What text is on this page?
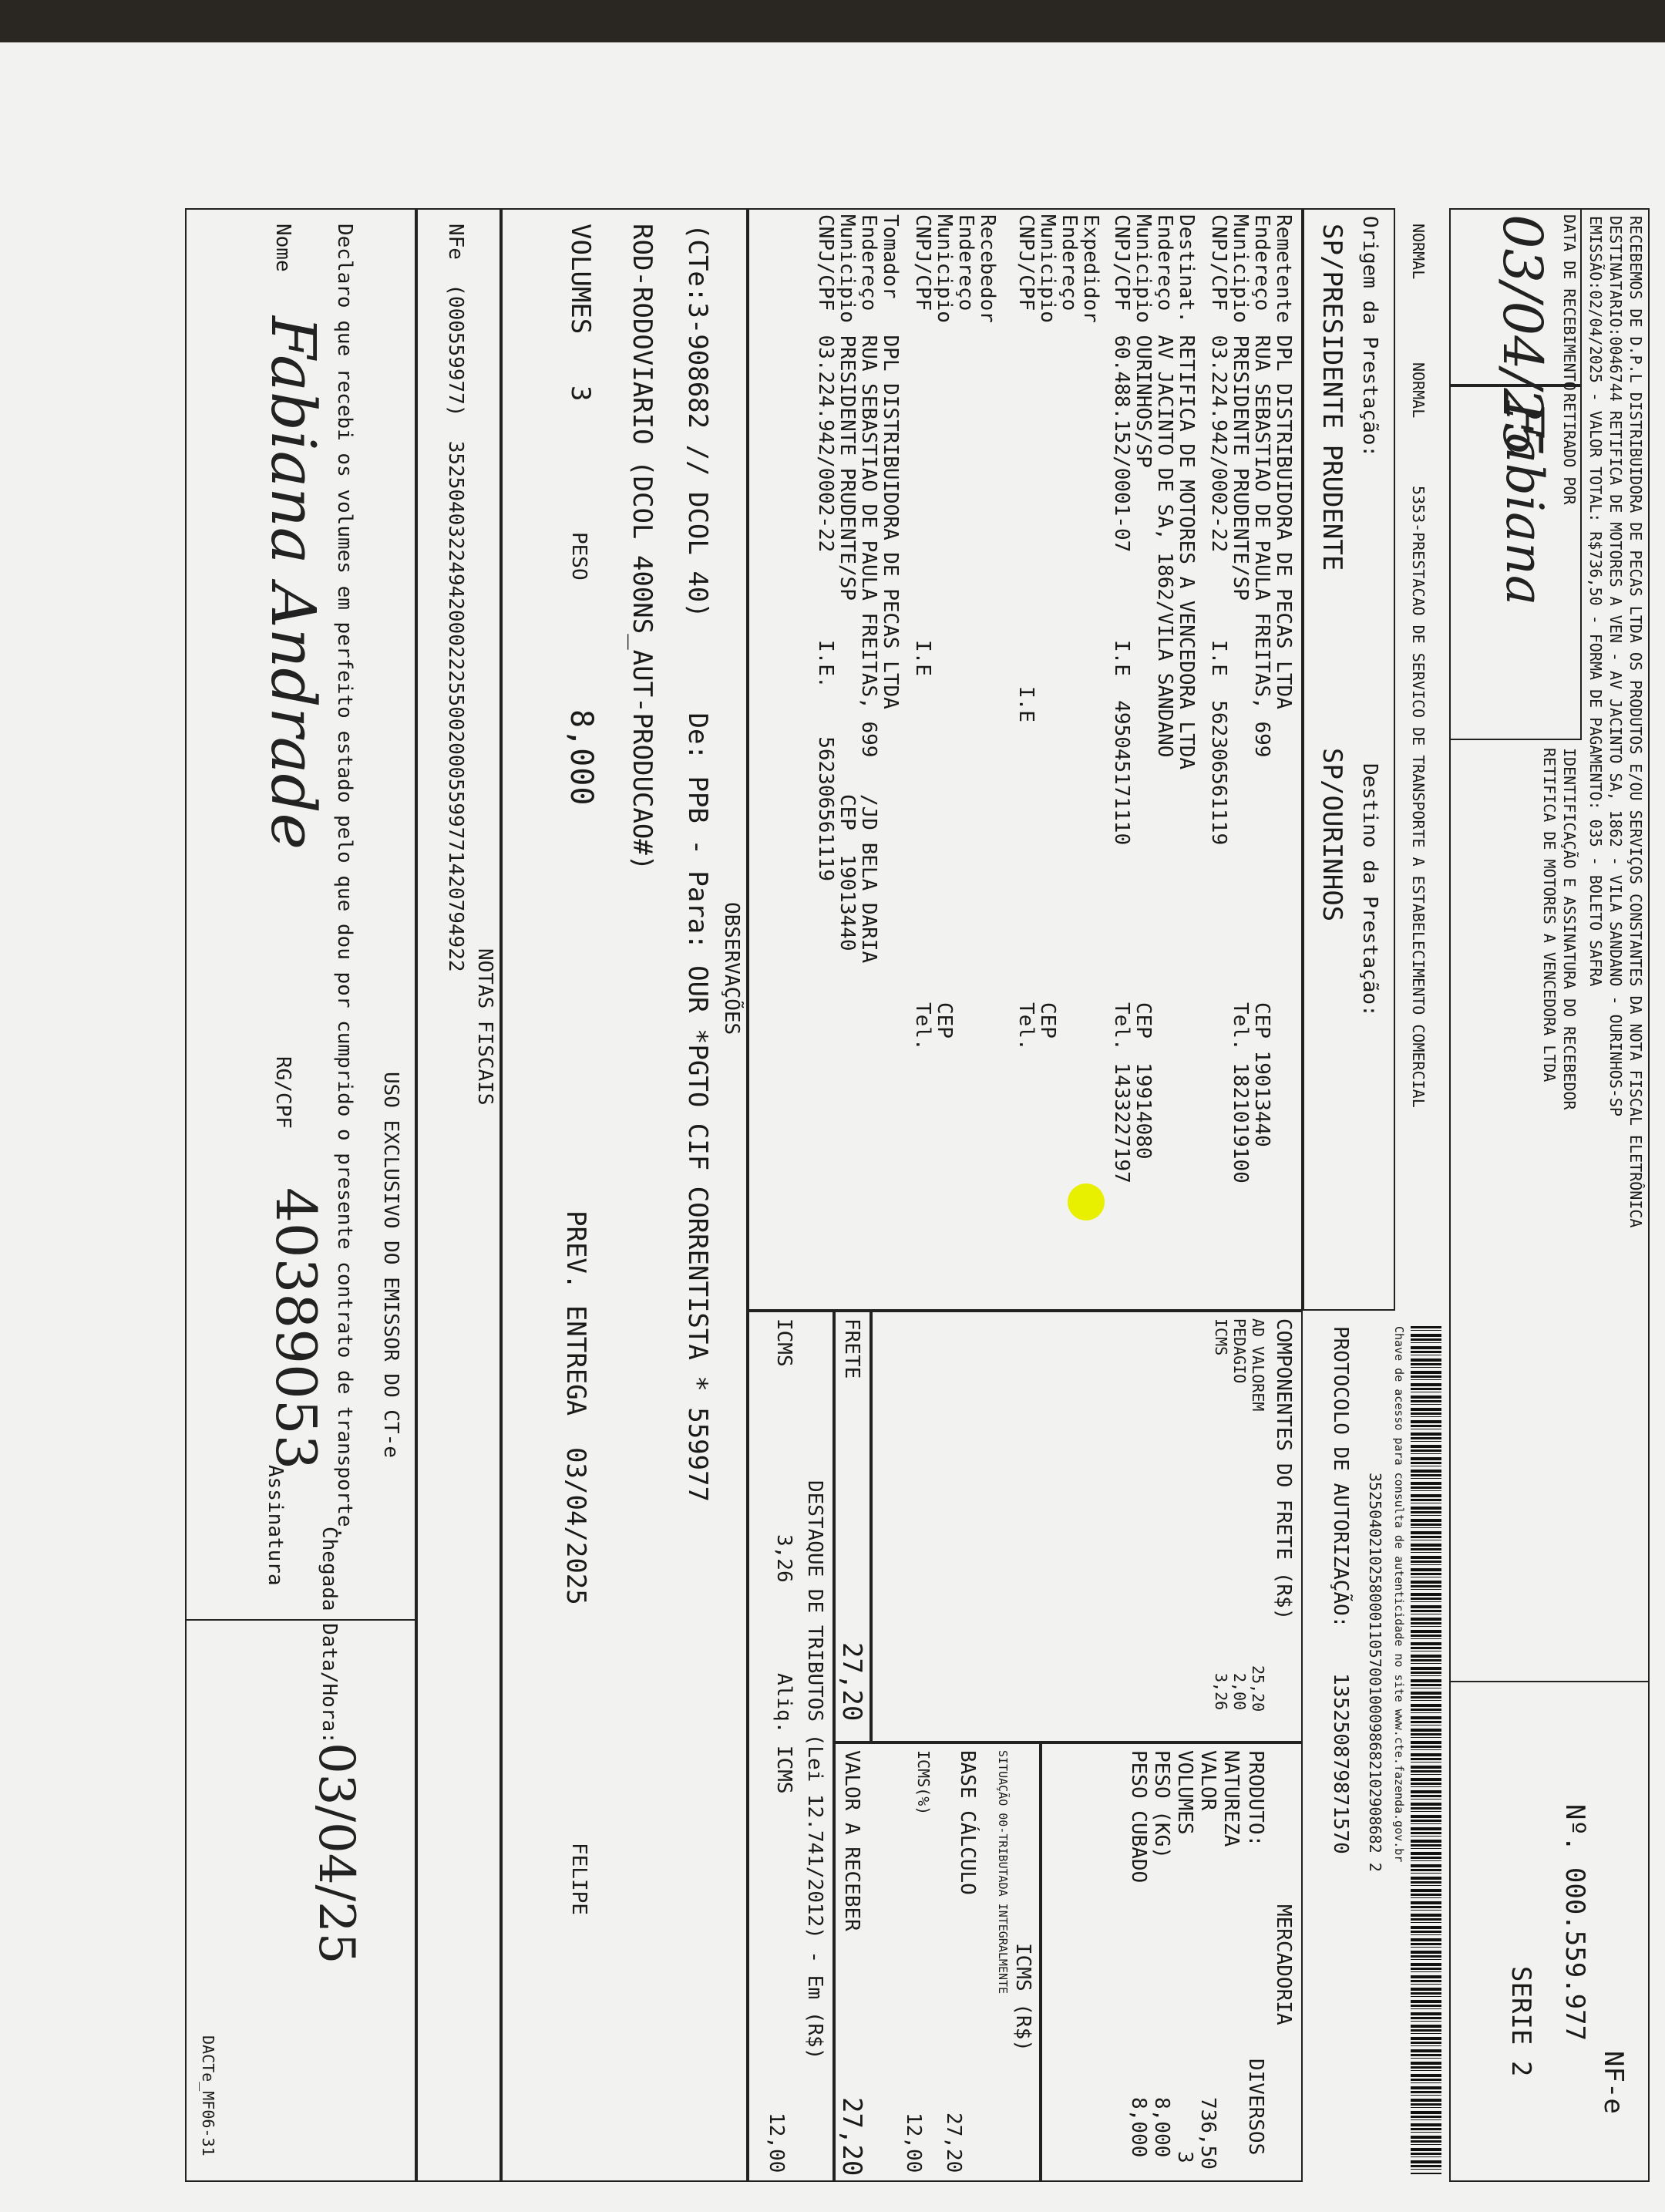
RECEBEMOS DE D.P.L DISTRIBUIDORA DE PECAS LTDA OS PRODUTOS E/OU SERVIÇOS CONSTANTES DA NOTA FISCAL ELETRÔNICA
DESTINATARIO:0046744 RETIFICA DE MOTORES A VEN - AV JACINTO SA, 1862 - VILA SANDANO - OURINHOS-SP
EMISSÃO:02/04/2025 - VALOR TOTAL: R$736,50 - FORMA DE PAGAMENTO: 035 - BOLETO SAFRA
DATA DE RECEBIMENTO
03/04/25 RETIRADO POR
Fabiana
IDENTIFICAÇÃO E ASSINATURA DO RECEBEDOR
RETIFICA DE MOTORES A VENCEDORA LTDA
NF-e
Nº. 000.559.977
SERIE 2
NORMAL
NORMAL
5353-PRESTACAO DE SERVICO DE TRANSPORTE A ESTABELECIMENTO COMERCIAL
Chave de acesso para consulta de autenticidade no site www.cte.fazenda.gov.br
35250402102580001105700100098682102908682 2
PROTOCOLO DE AUTORIZAÇÃO:
135250879871570
Origem da Prestação:
SP/PRESIDENTE PRUDENTE
Destino da Prestação:
SP/OURINHOS
Remetente DPL DISTRIBUIDORA DE PECAS LTDA
Endereço  RUA SEBASTIAO DE PAULA FREITAS, 699
CEP 19013440
Municipio PRESIDENTE PRUDENTE/SP
Tel. 1821019100
CNPJ/CPF  03.224.942/0002-22
I.E  562306561119
Destinat. RETIFICA DE MOTORES A VENCEDORA LTDA
Endereço  AV JACINTO DE SA, 1862/VILA SANDANO
CEP  19914080
Municipio OURINHOS/SP
Tel. 1433227197
CNPJ/CPF  60.488.152/0001-07
I.E  495045171110
Expedidor
Endereço
CEP
Municipio
Tel.
CNPJ/CPF
I.E
Recebedor
Endereço
CEP
Municipio
Tel.
CNPJ/CPF
I.E
Tomador   DPL DISTRIBUIDORA DE PECAS LTDA
Endereço  RUA SEBASTIAO DE PAULA FREITAS, 699
/JD BELA DARIA
Municipio PRESIDENTE PRUDENTE/SP
CEP  19013440
CNPJ/CPF  03.224.942/0002-22
I.E.    562306561119
COMPONENTES DO FRETE (R$)
AD VALOREM
25,20
PEDAGIO
2,00
ICMS
3,26
FRETE
27,20
MERCADORIA
PRODUTO:
DIVERSOS
NATUREZA
VALOR
736,50
VOLUMES
3
PESO (KG)
8,000
PESO CUBADO
8,000
ICMS (R$)
SITUAÇÃO 00-TRIBUTADA INTEGRALMENTE
BASE CÁLCULO
27,20
ICMS(%)
12,00
VALOR A RECEBER
27,20
DESTAQUE DE TRIBUTOS (Lei 12.741/2012) - Em (R$)
ICMS
3,26
Aliq. ICMS
12,00
OBSERVAÇÕES
(CTe:3-908682 // DCOL 40)      De: PPB - Para: OUR *PGTO CIF CORRENTISTA * 559977
ROD-RODOVIARIO (DCOL 400NS_AUT-PRODUCAO#)
VOLUMES
3
PESO
8,000
PREV. ENTREGA  03/04/2025
FELIPE
NOTAS FISCAIS
NFe  (000559977)  35250403224942000222550020005599771420794922
USO EXCLUSIVO DO EMISSOR DO CT-e
Declaro que recebi os volumes em perfeito estado pelo que dou por cumprido o presente contrato de transporte.
Nome
Fabiana Andrade
RG/CPF
40389053
Chegada Data/Hora:
03/04/25
Assinatura
DACTe_MF06-31
